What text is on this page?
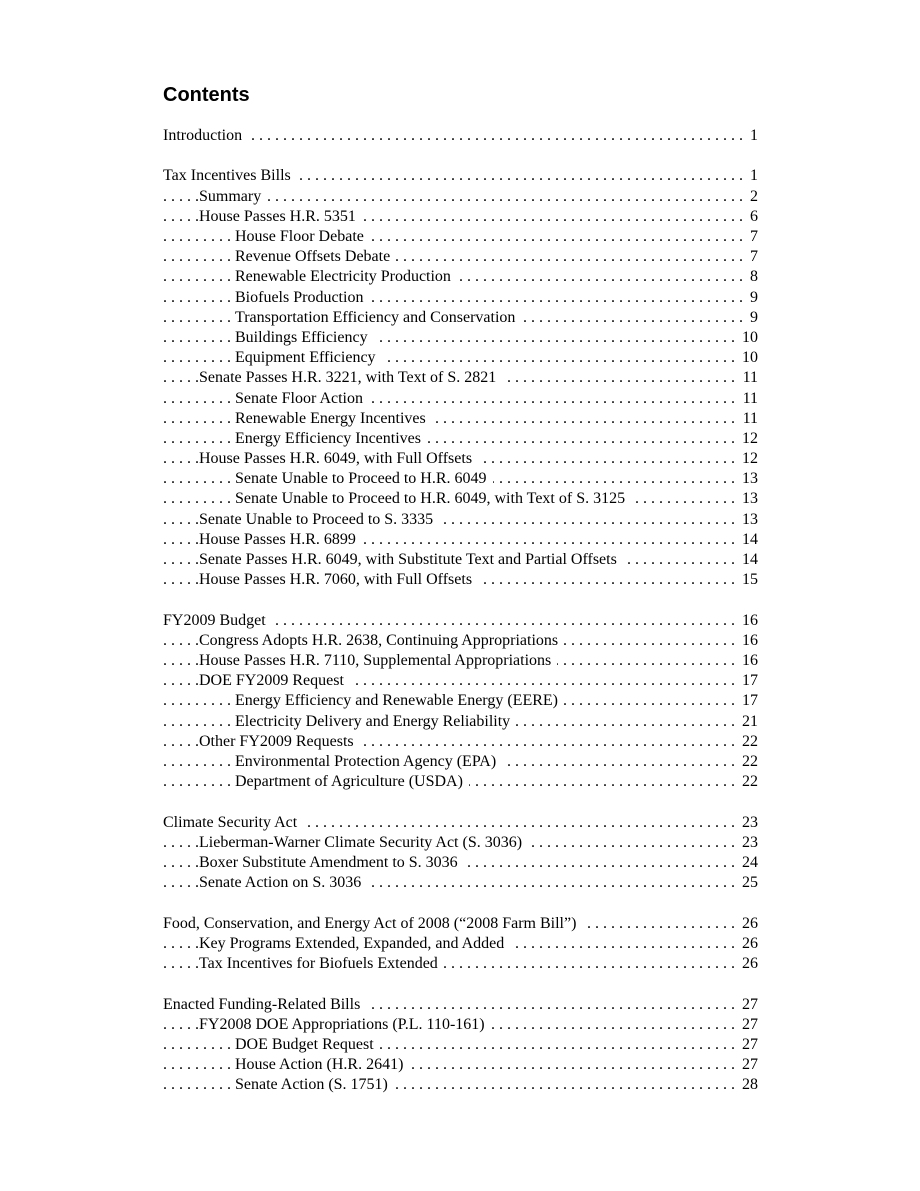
Contents
. . .
Introduction	1
. . .
Tax Incentives Bills	1
. . .
Summary	2
. . .
House Passes H.R. 5351	6
. . .
House Floor Debate	7
. . .
Revenue Offsets Debate	7
. . .
Renewable Electricity Production	8
. . .
Biofuels Production	9
. . .
Transportation Efficiency and Conservation	9
. . .
Buildings Efficiency	10
. . .
Equipment Efficiency	10
. . .
Senate Passes H.R. 3221, with Text of S. 2821	11
. . .
Senate Floor Action	11
. . .
Renewable Energy Incentives	11
. . .
Energy Efficiency Incentives	12
. . .
House Passes H.R. 6049, with Full Offsets	12
. . .
Senate Unable to Proceed to H.R. 6049	13
. . .
Senate Unable to Proceed to H.R. 6049, with Text of S. 3125	13
. . .
Senate Unable to Proceed to S. 3335	13
. . .
House Passes H.R. 6899	14
. . .
Senate Passes H.R. 6049, with Substitute Text and Partial Offsets	14
. . .
House Passes H.R. 7060, with Full Offsets	15
. . .
FY2009 Budget	16
. . .
Congress Adopts H.R. 2638, Continuing Appropriations	16
. . .
House Passes H.R. 7110, Supplemental Appropriations	16
. . .
DOE FY2009 Request	17
. . .
Energy Efficiency and Renewable Energy (EERE)	17
. . .
Electricity Delivery and Energy Reliability	21
. . .
Other FY2009 Requests	22
. . .
Environmental Protection Agency (EPA)	22
. . .
Department of Agriculture (USDA)	22
. . .
Climate Security Act	23
. . .
Lieberman-Warner Climate Security Act (S. 3036)	23
. . .
Boxer Substitute Amendment to S. 3036	24
. . .
Senate Action on S. 3036	25
. . .
Food, Conservation, and Energy Act of 2008 (“2008 Farm Bill”)	26
. . .
Key Programs Extended, Expanded, and Added	26
. . .
Tax Incentives for Biofuels Extended	26
. . .
Enacted Funding-Related Bills	27
. . .
FY2008 DOE Appropriations (P.L. 110-161)	27
. . .
DOE Budget Request	27
. . .
House Action (H.R. 2641)	27
. . .
Senate Action (S. 1751)	28
